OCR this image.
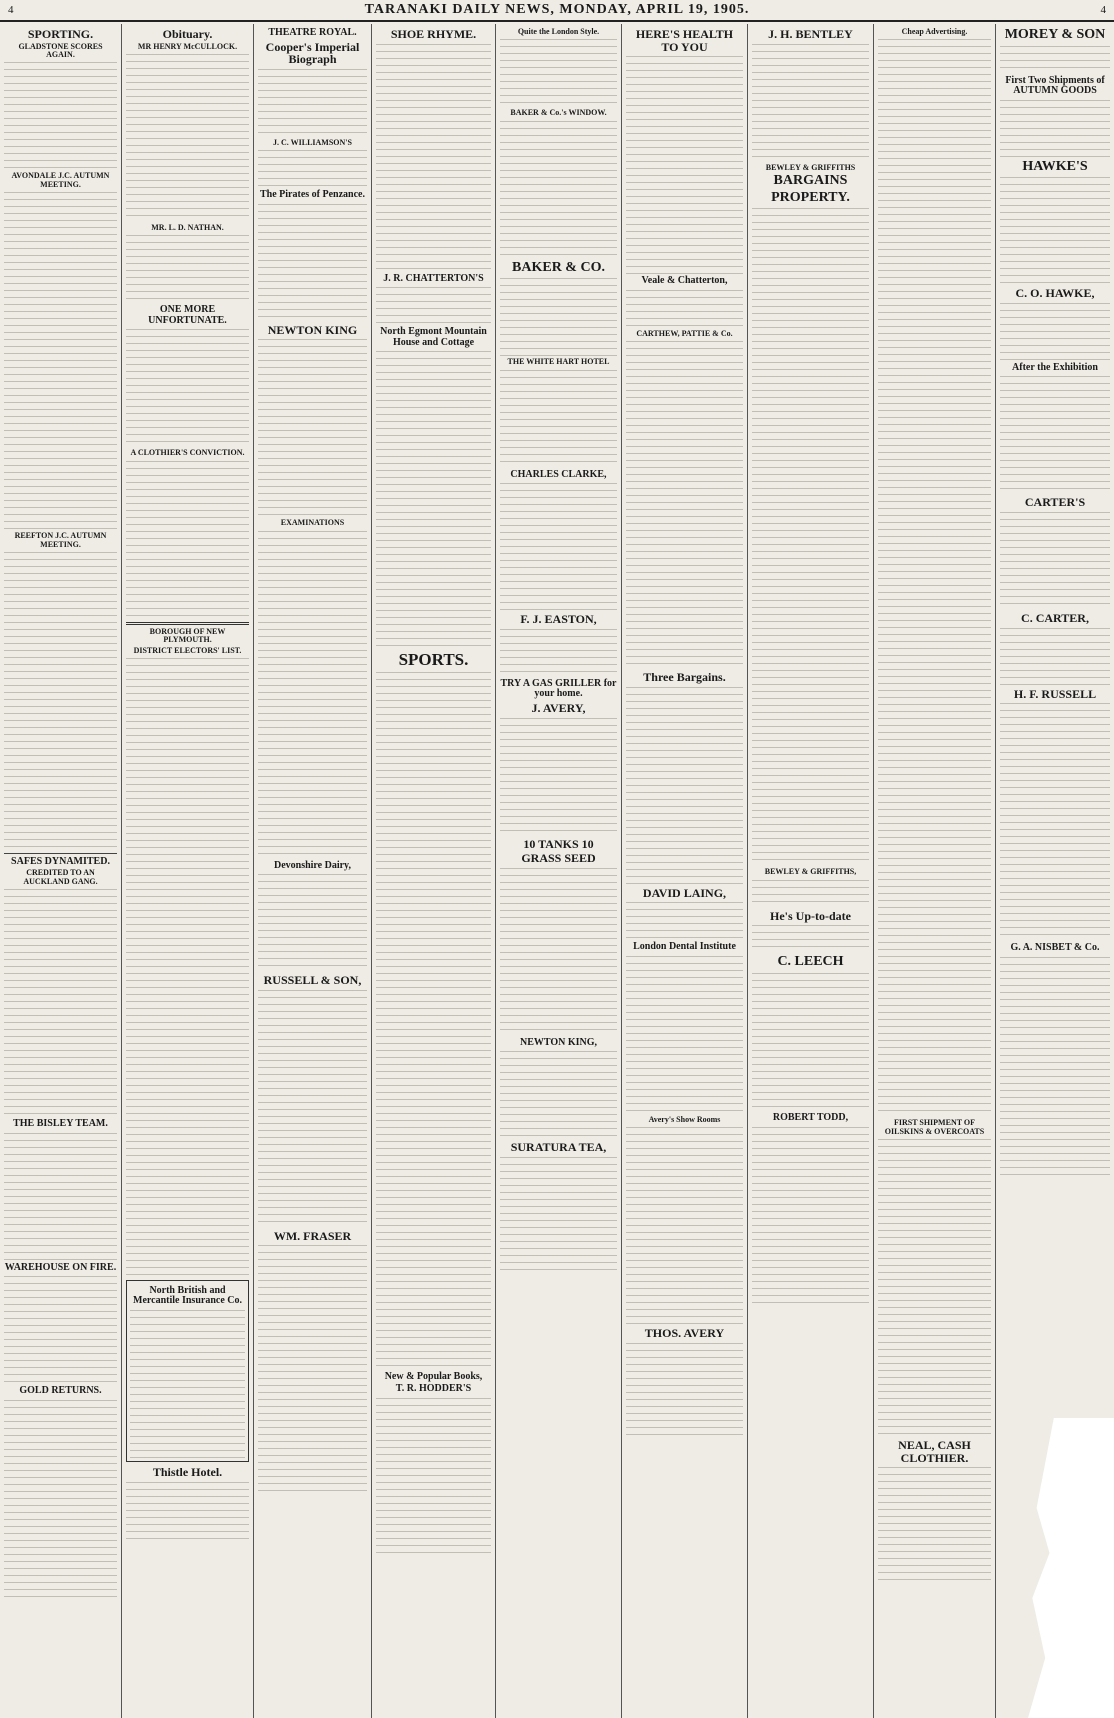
4	TARANAKI DAILY NEWS, MONDAY, APRIL 19, 1905.	4
SPORTING.
GLADSTONE SCORES AGAIN.
AVONDALE J.C. AUTUMN MEETING.
REEFTON J.C. AUTUMN MEETING.
SAFES DYNAMITED.
CREDITED TO AN AUCKLAND GANG.
THE BISLEY TEAM.
WAREHOUSE ON FIRE.
GOLD RETURNS.
Obituary.
MR HENRY McCULLOCK.
MR. L. D. NATHAN.
ONE MORE UNFORTUNATE.
A CLOTHIER'S CONVICTION.
BOROUGH OF NEW PLYMOUTH.
DISTRICT ELECTORS' LIST.
North British and Mercantile Insurance Co.
Thistle Hotel.
THEATRE ROYAL.
Cooper's Imperial Biograph
J. C. WILLIAMSON'S
The Pirates of Penzance.
NEWTON KING
EXAMINATIONS
Devonshire Dairy,
RUSSELL & SON,
WM. FRASER
SHOE RHYME.
J. R. CHATTERTON'S
North Egmont Mountain House and Cottage
SPORTS.
New & Popular Books,
T. R. HODDER'S
Quite the London Style.
BAKER & Co.'s WINDOW.
BAKER & CO.
THE WHITE HART HOTEL
CHARLES CLARKE,
F. J. EASTON,
TRY A GAS GRILLER for your home.
J. AVERY,
10 TANKS 10
GRASS SEED
NEWTON KING,
SURATURA TEA,
HERE'S HEALTH TO YOU
Veale & Chatterton,
CARTHEW, PATTIE & Co.
Three Bargains.
DAVID LAING,
London Dental Institute
Avery's Show Rooms
THOS. AVERY
J. H. BENTLEY
BEWLEY & GRIFFITHS
BARGAINS
PROPERTY.
BEWLEY & GRIFFITHS,
He's Up-to-date
C. LEECH
ROBERT TODD,
Cheap Advertising.
FIRST SHIPMENT OF OILSKINS & OVERCOATS
NEAL, CASH CLOTHIER.
MOREY & SON
First Two Shipments of AUTUMN GOODS
HAWKE'S
C. O. HAWKE,
After the Exhibition
CARTER'S
C. CARTER,
H. F. RUSSELL
G. A. NISBET & Co.
